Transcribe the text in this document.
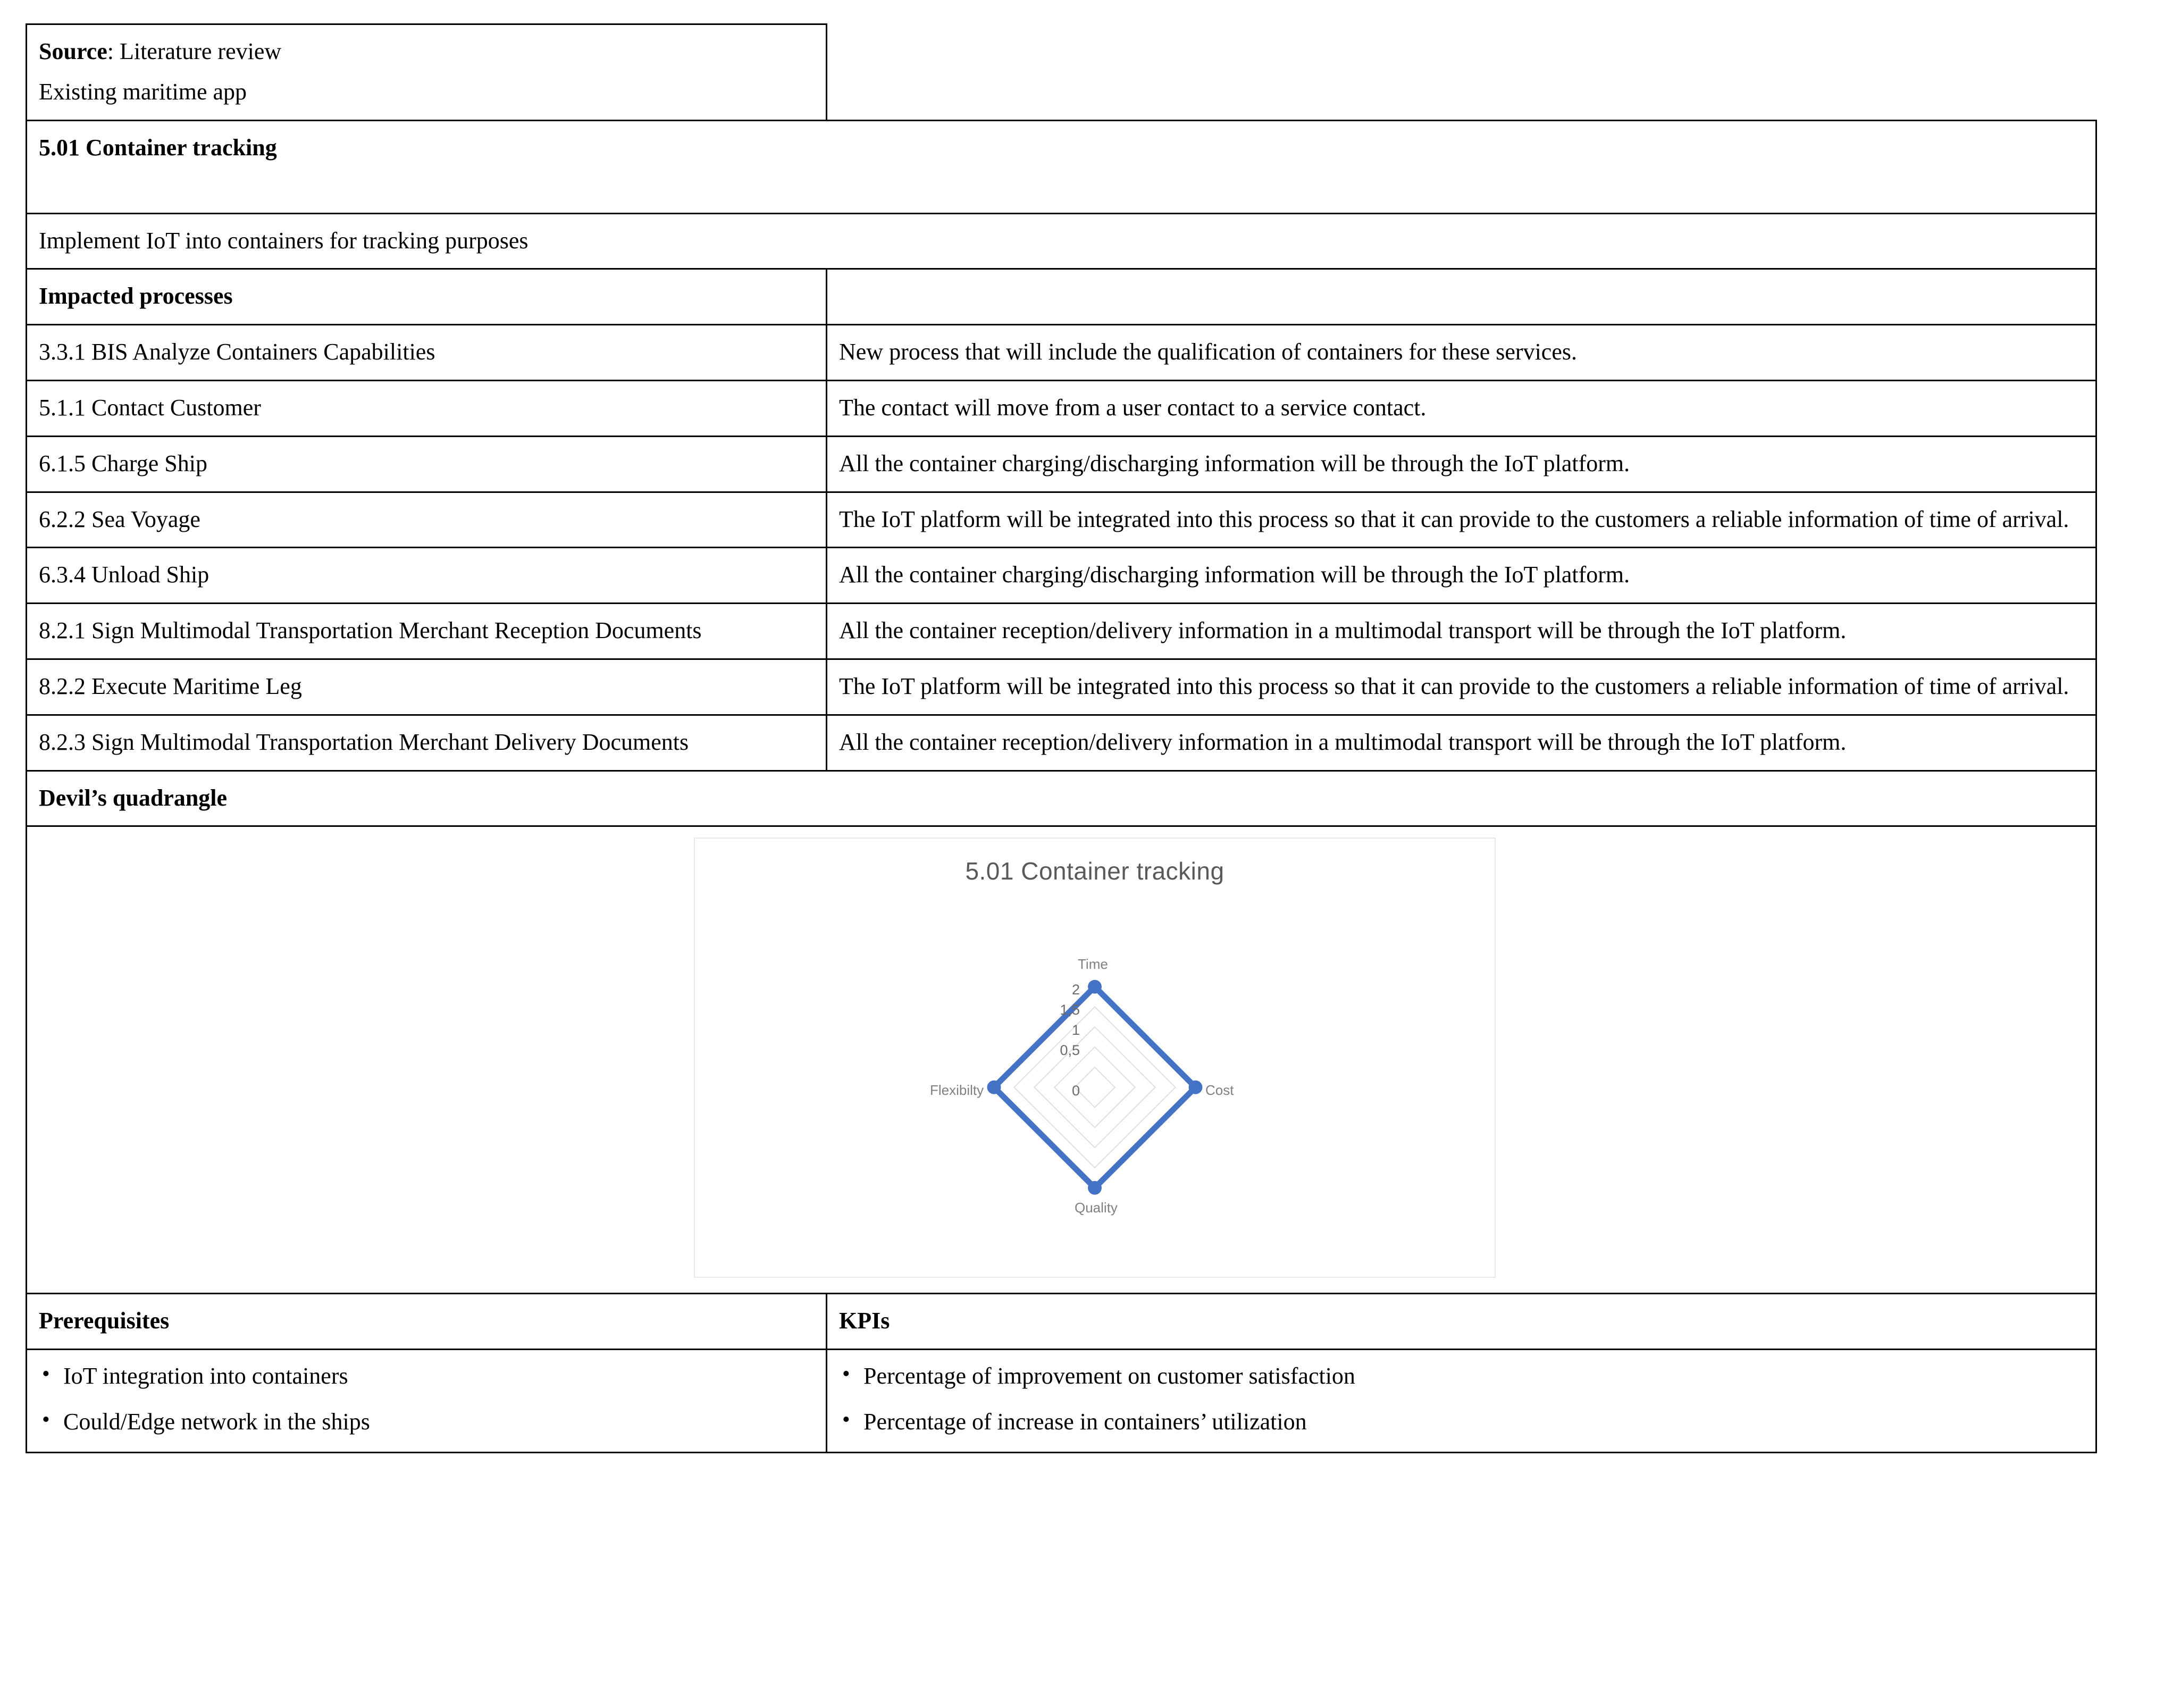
Source: Literature review
Existing maritime app	

5.01 Container tracking	
Implement IoT into containers for tracking purposes	
Impacted processes	
3.3.1 BIS Analyze Containers Capabilities	New process that will include the qualification of containers for these services.
5.1.1 Contact Customer	The contact will move from a user contact to a service contact.
6.1.5 Charge Ship	All the container charging/discharging information will be through the IoT platform.
6.2.2 Sea Voyage	The IoT platform will be integrated into this process so that it can provide to the customers a reliable information of time of arrival.
6.3.4 Unload Ship	All the container charging/discharging information will be through the IoT platform.
8.2.1 Sign Multimodal Transportation Merchant Reception Documents	All the container reception/delivery information in a multimodal transport will be through the IoT platform.
8.2.2 Execute Maritime Leg	The IoT platform will be integrated into this process so that it can provide to the customers a reliable information of time of arrival.
8.2.3 Sign Multimodal Transportation Merchant Delivery Documents	All the container reception/delivery information in a multimodal transport will be through the IoT platform.
Devil’s quadrangle	

5.01 Container tracking
Time
Cost
Quality
Flexibilty
2
1,5
1
0,5
0

Prerequisites	KPIs

• IoT integration into containers
• Could/Edge network in the ships

• Percentage of improvement on customer satisfaction
• Percentage of increase in containers’ utilization
